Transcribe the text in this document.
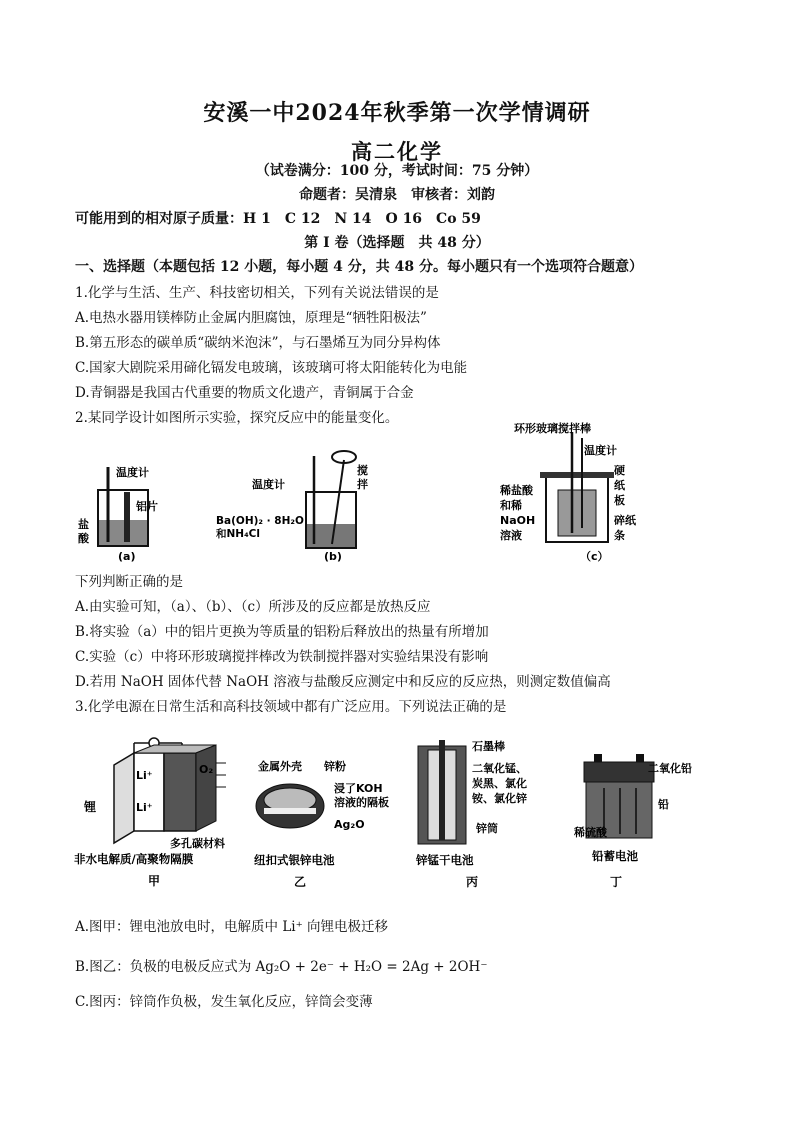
安溪一中2024年秋季第一次学情调研
高二化学
（试卷满分：100 分，考试时间：75 分钟）
命题者：吴清泉　审核者：刘韵
可能用到的相对原子质量：H 1　C 12　N 14　O 16　Co 59
第 I 卷（选择题　共 48 分）
一、选择题（本题包括 12 小题，每小题 4 分，共 48 分。每小题只有一个选项符合题意）
1.化学与生活、生产、科技密切相关，下列有关说法错误的是
A.电热水器用镁棒防止金属内胆腐蚀，原理是“牺牲阳极法”
B.第五形态的碳单质“碳纳米泡沫”，与石墨烯互为同分异构体
C.国家大剧院采用碲化镉发电玻璃，该玻璃可将太阳能转化为电能
D.青铜器是我国古代重要的物质文化遗产，青铜属于合金
2.某同学设计如图所示实验，探究反应中的能量变化。
温度计
铝片
盐
酸
(a)
温度计
搅
拌
Ba(OH)₂ · 8H₂O
和NH₄Cl
(b)
环形玻璃搅拌棒
温度计
稀盐酸
和稀
NaOH
溶液
硬
纸
板
碎纸
条
（c）
下列判断正确的是
A.由实验可知，（a）、（b）、（c）所涉及的反应都是放热反应
B.将实验（a）中的铝片更换为等质量的铝粉后释放出的热量有所增加
C.实验（c）中将环形玻璃搅拌棒改为铁制搅拌器对实验结果没有影响
D.若用 NaOH 固体代替 NaOH 溶液与盐酸反应测定中和反应的反应热，则测定数值偏高
3.化学电源在日常生活和高科技领域中都有广泛应用。下列说法正确的是
Li⁺
Li⁺
O₂
锂
多孔碳材料
非水电解质/高聚物隔膜
甲
金属外壳 锌粉
浸了KOH
溶液的隔板
Ag₂O
纽扣式银锌电池
乙
石墨棒
二氧化锰、
炭黑、氯化
铵、氯化锌
锌筒
锌锰干电池
丙
二氧化铅
铅
稀硫酸
铅蓄电池
丁
A.图甲：锂电池放电时，电解质中 Li⁺ 向锂电极迁移
B.图乙：负极的电极反应式为 Ag₂O + 2e⁻ + H₂O = 2Ag + 2OH⁻
C.图丙：锌筒作负极，发生氧化反应，锌筒会变薄
